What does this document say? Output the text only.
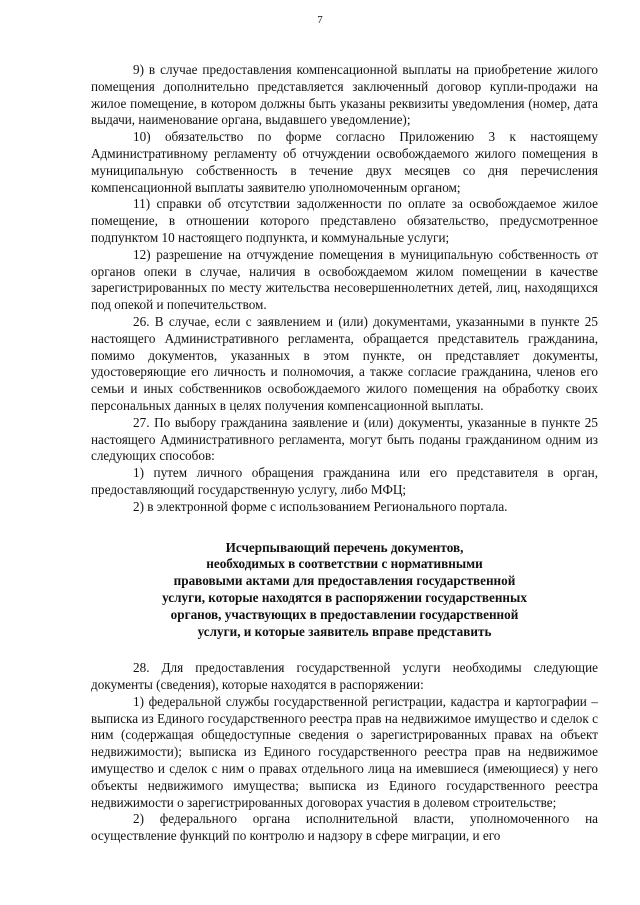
7

9) в случае предоставления компенсационной выплаты на приобретение жилого помещения дополнительно представляется заключенный договор купли-продажи на жилое помещение, в котором должны быть указаны реквизиты уведомления (номер, дата выдачи, наименование органа, выдавшего уведомление);

10) обязательство по форме согласно Приложению 3 к настоящему Административному регламенту об отчуждении освобождаемого жилого помещения в муниципальную собственность в течение двух месяцев со дня перечисления компенсационной выплаты заявителю уполномоченным органом;

11) справки об отсутствии задолженности по оплате за освобождаемое жилое помещение, в отношении которого представлено обязательство, предусмотренное подпунктом 10 настоящего подпункта, и коммунальные услуги;

12) разрешение на отчуждение помещения в муниципальную собственность от органов опеки в случае, наличия в освобождаемом жилом помещении в качестве зарегистрированных по месту жительства несовершеннолетних детей, лиц, находящихся под опекой и попечительством.

26. В случае, если с заявлением и (или) документами, указанными в пункте 25 настоящего Административного регламента, обращается представитель гражданина, помимо документов, указанных в этом пункте, он представляет документы, удостоверяющие его личность и полномочия, а также согласие гражданина, членов его семьи и иных собственников освобождаемого жилого помещения на обработку своих персональных данных в целях получения компенсационной выплаты.

27. По выбору гражданина заявление и (или) документы, указанные в пункте 25 настоящего Административного регламента, могут быть поданы гражданином одним из следующих способов:

1) путем личного обращения гражданина или его представителя в орган, предоставляющий государственную услугу, либо МФЦ;

2) в электронной форме с использованием Регионального портала.

Исчерпывающий перечень документов,
необходимых в соответствии с нормативными
правовыми актами для предоставления государственной
услуги, которые находятся в распоряжении государственных
органов, участвующих в предоставлении государственной
услуги, и которые заявитель вправе представить

28. Для предоставления государственной услуги необходимы следующие документы (сведения), которые находятся в распоряжении:

1) федеральной службы государственной регистрации, кадастра и картографии – выписка из Единого государственного реестра прав на недвижимое имущество и сделок с ним (содержащая общедоступные сведения о зарегистрированных правах на объект недвижимости); выписка из Единого государственного реестра прав на недвижимое имущество и сделок с ним о правах отдельного лица на имевшиеся (имеющиеся) у него объекты недвижимого имущества; выписка из Единого государственного реестра недвижимости о зарегистрированных договорах участия в долевом строительстве;

2) федерального органа исполнительной власти, уполномоченного на осуществление функций по контролю и надзору в сфере миграции, и его
